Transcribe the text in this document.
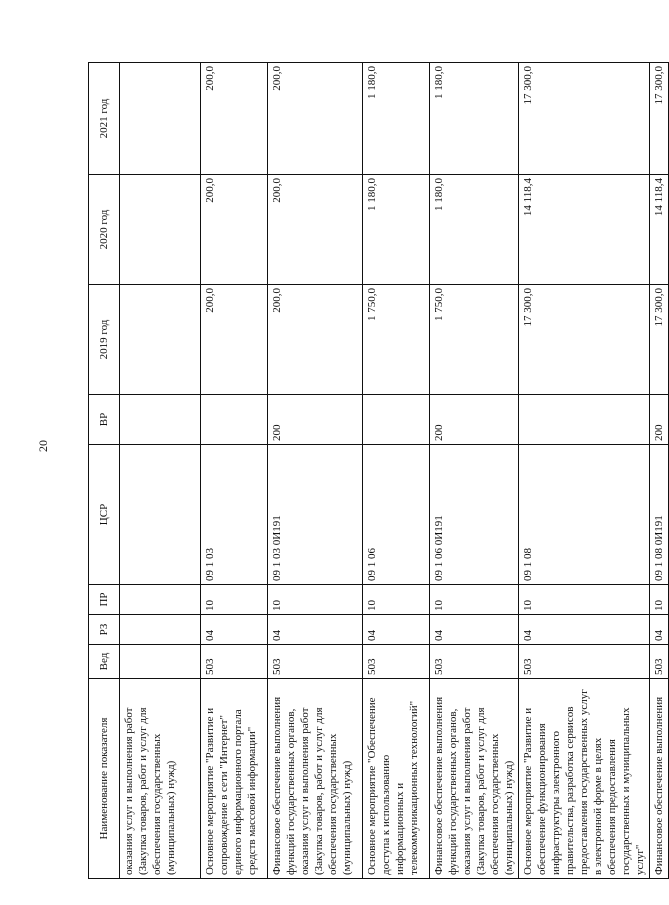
20
Наименование показателя	Вед	РЗ	ПР	ЦСР	ВР	2019 год	2020 год	2021 год
оказания услуг и выполнения работ (Закупка товаров, работ и услуг для обеспечения государственных (муниципальных) нужд)								
Основное мероприятие "Развитие и сопровождение в сети "Интернет" единого информационного портала средств массовой информации"	503	04	10	09 1 03		200,0	200,0	200,0
Финансовое обеспечение выполнения функций государственных органов, оказания услуг и выполнения работ (Закупка товаров, работ и услуг для обеспечения государственных (муниципальных) нужд)	503	04	10	09 1 03 0И191	200	200,0	200,0	200,0
Основное мероприятие "Обеспечение доступа к использованию информационных и телекоммуникационных технологий"	503	04	10	09 1 06		1 750,0	1 180,0	1 180,0
Финансовое обеспечение выполнения функций государственных органов, оказания услуг и выполнения работ (Закупка товаров, работ и услуг для обеспечения государственных (муниципальных) нужд)	503	04	10	09 1 06 0И191	200	1 750,0	1 180,0	1 180,0
Основное мероприятие "Развитие и обеспечение функционирования инфраструктуры электронного правительства, разработка сервисов предоставления государственных услуг в электронной форме в целях обеспечения предоставления государственных и муниципальных услуг"	503	04	10	09 1 08		17 300,0	14 118,4	17 300,0
Финансовое обеспечение выполнения	503	04	10	09 1 08 0И191	200	17 300,0	14 118,4	17 300,0
